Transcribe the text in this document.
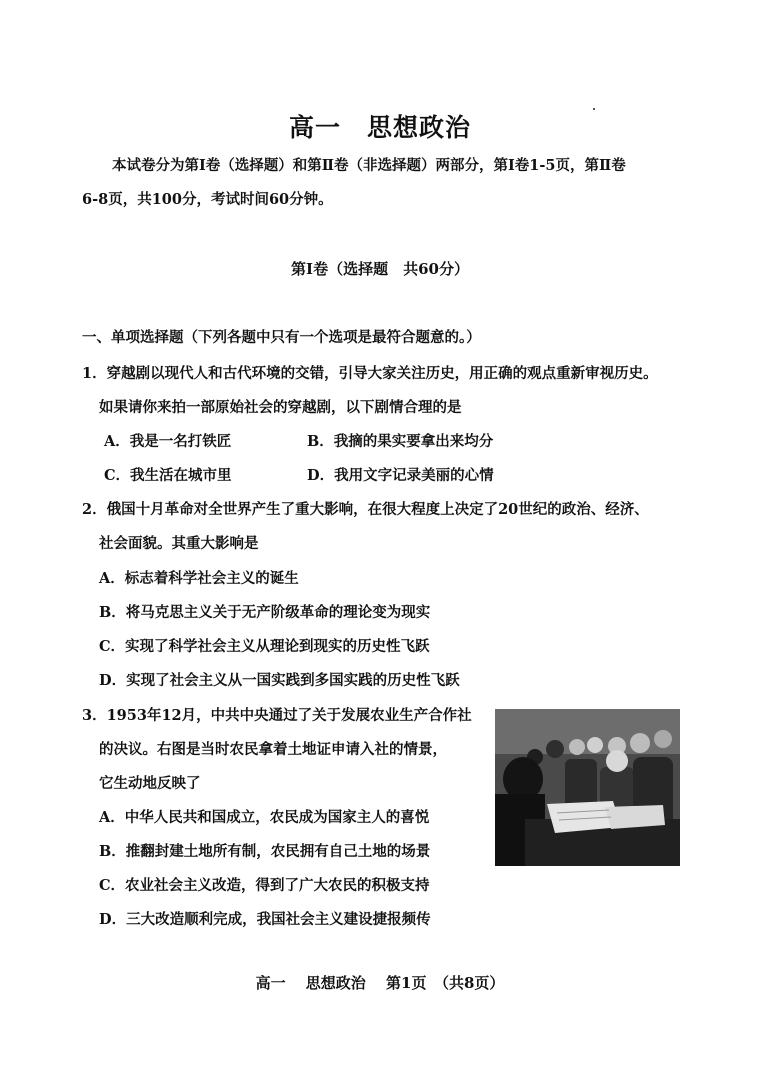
高一　思想政治
本试卷分为第Ⅰ卷（选择题）和第Ⅱ卷（非选择题）两部分，第Ⅰ卷1-5页，第Ⅱ卷
6-8页，共100分，考试时间60分钟。
第Ⅰ卷（选择题　共60分）
一、单项选择题（下列各题中只有一个选项是最符合题意的。）
1．穿越剧以现代人和古代环境的交错，引导大家关注历史，用正确的观点重新审视历史。
如果请你来拍一部原始社会的穿越剧，以下剧情合理的是
A．我是一名打铁匠	B．我摘的果实要拿出来均分
C．我生活在城市里	D．我用文字记录美丽的心情
2．俄国十月革命对全世界产生了重大影响，在很大程度上决定了20世纪的政治、经济、
社会面貌。其重大影响是
A．标志着科学社会主义的诞生
B．将马克思主义关于无产阶级革命的理论变为现实
C．实现了科学社会主义从理论到现实的历史性飞跃
D．实现了社会主义从一国实践到多国实践的历史性飞跃
3．1953年12月，中共中央通过了关于发展农业生产合作社
的决议。右图是当时农民拿着土地证申请入社的情景，
它生动地反映了
A．中华人民共和国成立，农民成为国家主人的喜悦
B．推翻封建土地所有制，农民拥有自己土地的场景
C．农业社会主义改造，得到了广大农民的积极支持
D．三大改造顺利完成，我国社会主义建设捷报频传
高一　 思想政治　 第1页　（共8页）
